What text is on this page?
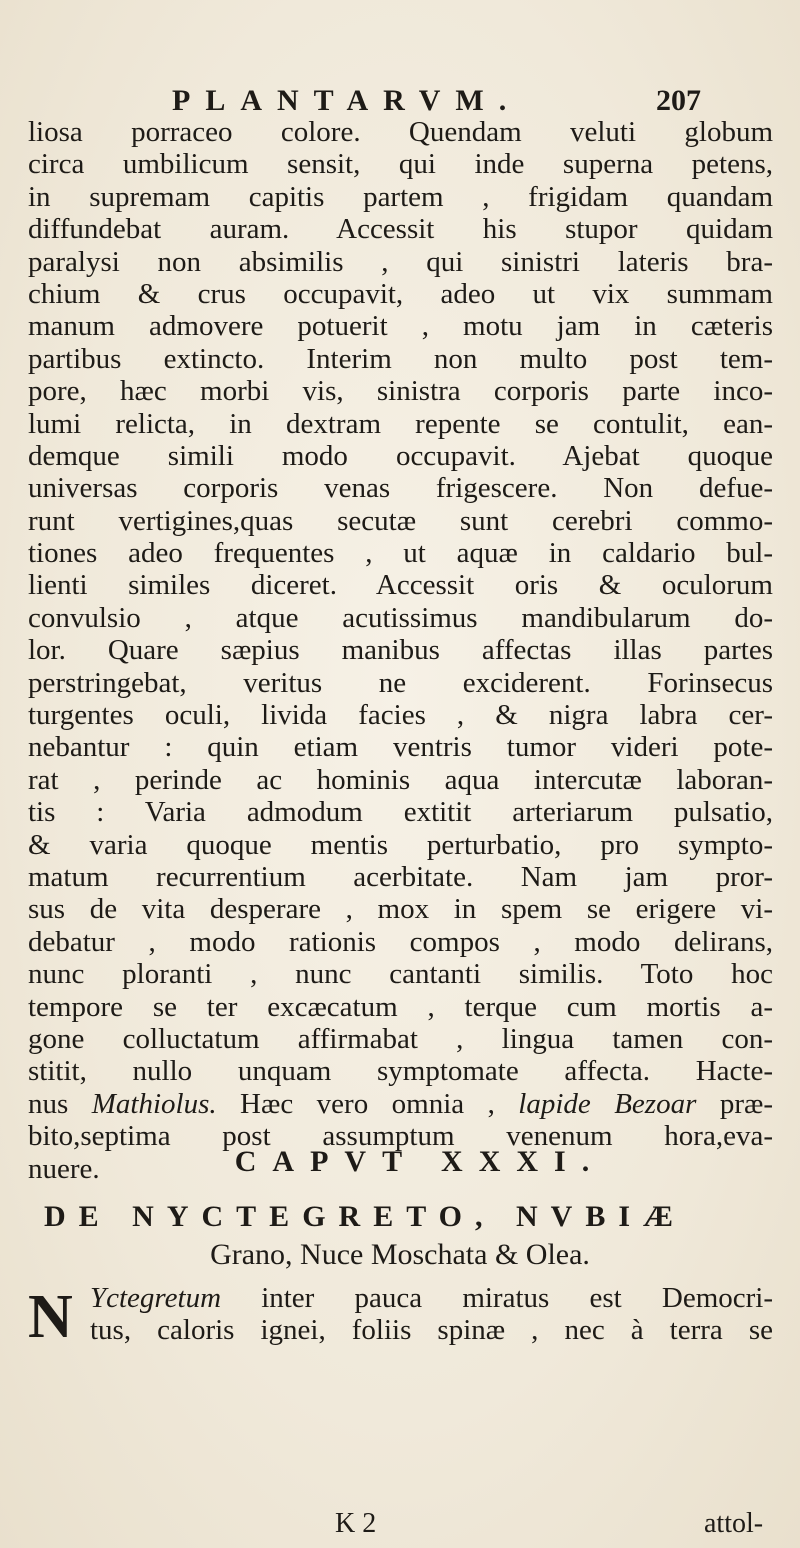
PLANTARVM.	207
liosa porraceo colore. Quendam veluti globum
circa umbilicum sensit, qui inde superna petens,
in supremam capitis partem , frigidam quandam
diffundebat auram. Accessit his stupor quidam
paralysi non absimilis , qui sinistri lateris bra-
chium & crus occupavit, adeo ut vix summam
manum admovere potuerit , motu jam in cæteris
partibus extincto. Interim non multo post tem-
pore, hæc morbi vis, sinistra corporis parte inco-
lumi relicta, in dextram repente se contulit, ean-
demque simili modo occupavit. Ajebat quoque
universas corporis venas frigescere. Non defue-
runt vertigines,quas secutæ sunt cerebri commo-
tiones adeo frequentes , ut aquæ in caldario bul-
lienti similes diceret. Accessit oris & oculorum
convulsio , atque acutissimus mandibularum do-
lor. Quare sæpius manibus affectas illas partes
perstringebat, veritus ne exciderent. Forinsecus
turgentes oculi, livida facies , & nigra labra cer-
nebantur : quin etiam ventris tumor videri pote-
rat , perinde ac hominis aqua intercutæ laboran-
tis : Varia admodum extitit arteriarum pulsatio,
& varia quoque mentis perturbatio, pro sympto-
matum recurrentium acerbitate. Nam jam pror-
sus de vita desperare , mox in spem se erigere vi-
debatur , modo rationis compos , modo delirans,
nunc ploranti , nunc cantanti similis. Toto hoc
tempore se ter excæcatum , terque cum mortis a-
gone colluctatum affirmabat , lingua tamen con-
stitit, nullo unquam symptomate affecta. Hacte-
nus Mathiolus. Hæc vero omnia , lapide Bezoar præ-
bito,septima post assumptum venenum hora,eva-
nuere.	CAPVT XXXI.
DE NYCTEGRETO, NVBIÆ
Grano, Nuce Moschata & Olea.
N Yctegretum inter pauca miratus est Democri-
tus, caloris ignei, foliis spinæ , nec à terra se
K 2	attol-
